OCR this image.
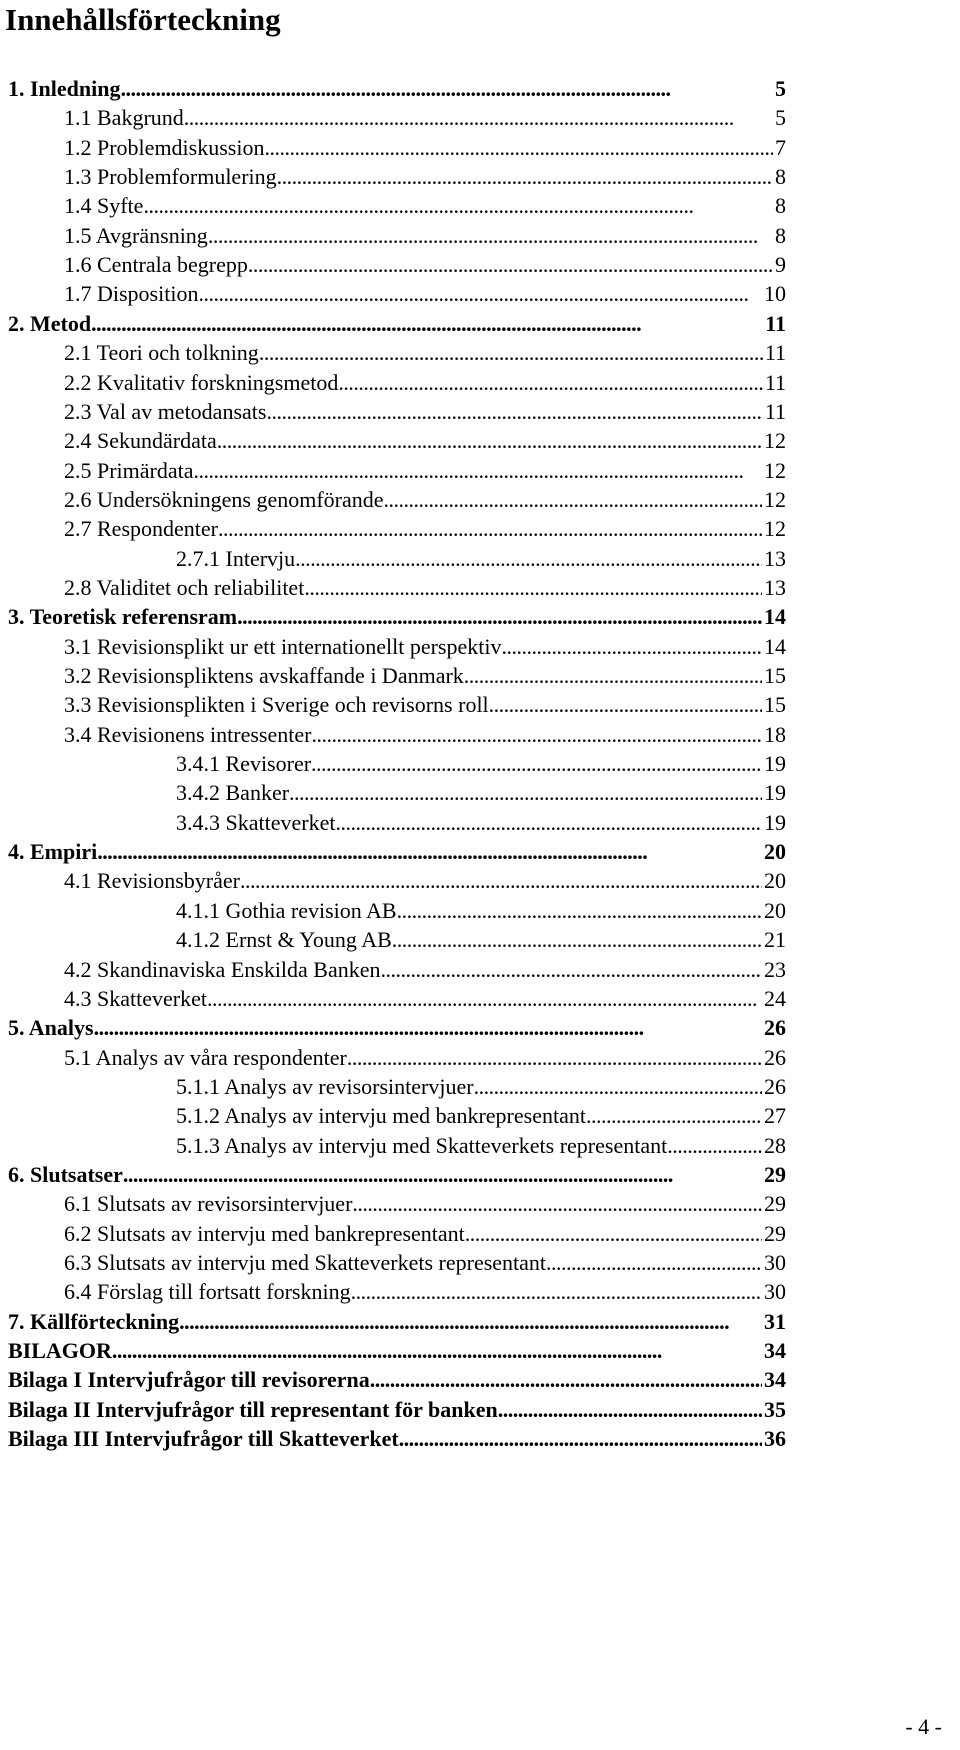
Innehållsförteckning
1. Inledning . . .	5
1.1 Bakgrund . . .	5
1.2 Problemdiskussion . . .	7
1.3 Problemformulering . . .	8
1.4 Syfte . . .	8
1.5 Avgränsning . . .	8
1.6 Centrala begrepp . . .	9
1.7 Disposition . . .	10
2. Metod . . .	11
2.1 Teori och tolkning . . .	11
2.2 Kvalitativ forskningsmetod . . .	11
2.3 Val av metodansats . . .	11
2.4 Sekundärdata . . .	12
2.5 Primärdata . . .	12
2.6 Undersökningens genomförande . . .	12
2.7 Respondenter . . .	12
2.7.1 Intervju . . .	13
2.8 Validitet och reliabilitet . . .	13
3. Teoretisk referensram . . .	14
3.1 Revisionsplikt ur ett internationellt perspektiv . . .	14
3.2 Revisionspliktens avskaffande i Danmark . . .	15
3.3 Revisionsplikten i Sverige och revisorns roll . . .	15
3.4 Revisionens intressenter . . .	18
3.4.1 Revisorer . . .	19
3.4.2 Banker . . .	19
3.4.3 Skatteverket . . .	19
4. Empiri . . .	20
4.1 Revisionsbyråer . . .	20
4.1.1 Gothia revision AB . . .	20
4.1.2 Ernst & Young AB . . .	21
4.2 Skandinaviska Enskilda Banken . . .	23
4.3 Skatteverket . . .	24
5. Analys . . .	26
5.1 Analys av våra respondenter . . .	26
5.1.1 Analys av revisorsintervjuer . . .	26
5.1.2 Analys av intervju med bankrepresentant . . .	27
5.1.3 Analys av intervju med Skatteverkets representant . . .	28
6. Slutsatser . . .	29
6.1 Slutsats av revisorsintervjuer . . .	29
6.2 Slutsats av intervju med bankrepresentant . . .	29
6.3 Slutsats av intervju med Skatteverkets representant . . .	30
6.4 Förslag till fortsatt forskning . . .	30
7. Källförteckning . . .	31
BILAGOR . . .	34
Bilaga I Intervjufrågor till revisorerna . . .	34
Bilaga II Intervjufrågor till representant för banken . . .	35
Bilaga III Intervjufrågor till Skatteverket . . .	36
- 4 -
